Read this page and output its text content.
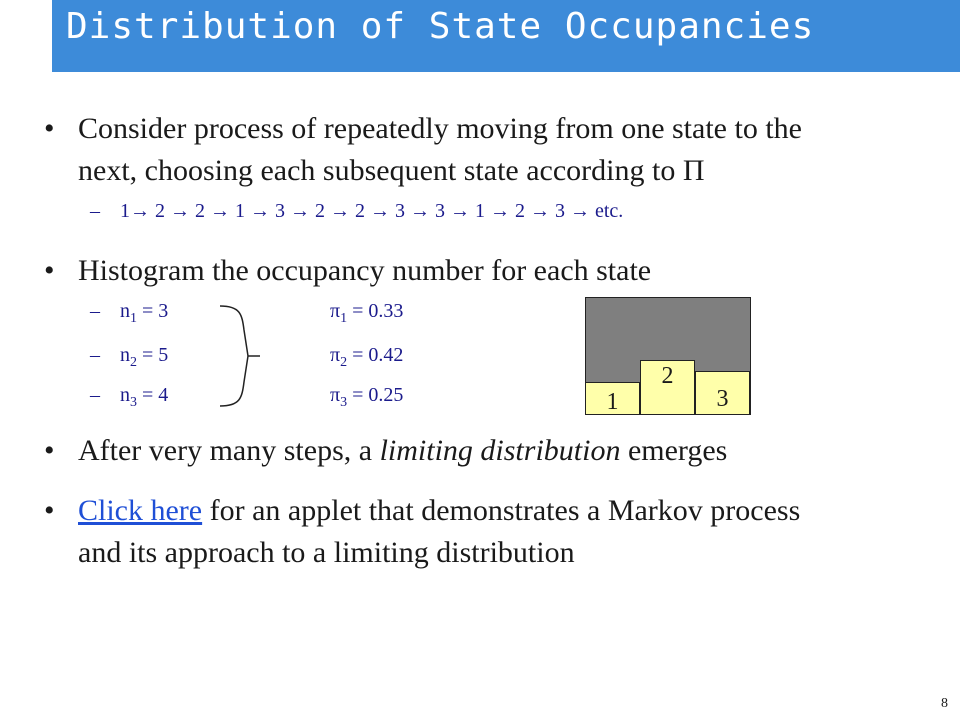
Distribution of State Occupancies
• Consider process of repeatedly moving from one state to the
next, choosing each subsequent state according to Π
– 1→ 2 → 2 → 1 → 3 → 2 → 2 → 3 → 3 → 1 → 2 → 3 → etc.
• Histogram the occupancy number for each state
– $n_1 = 3$	$\pi_1 = 0.33$
– $n_2 = 5$	$\pi_2 = 0.42$
– $n_3 = 4$	$\pi_3 = 0.25$	1
2
3
• After very many steps, a limiting distribution emerges
• Click here for an applet that demonstrates a Markov process
and its approach to a limiting distribution
8
